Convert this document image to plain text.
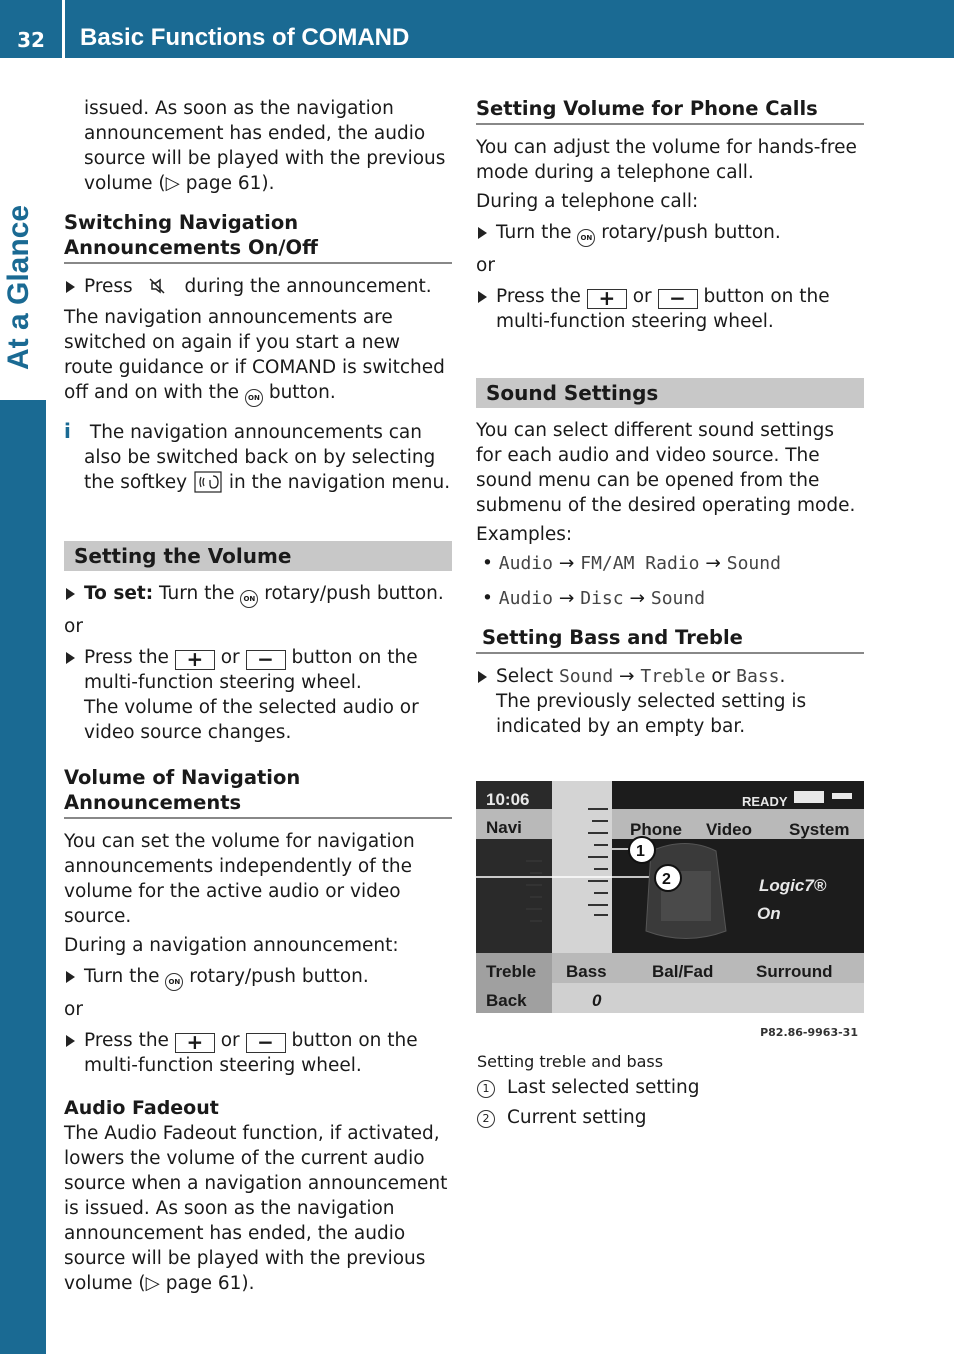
32	Basic Functions of COMAND
At a Glance

issued. As soon as the navigation announcement has ended, the audio source will be played with the previous volume (▷ page 61).

Switching Navigation Announcements On/Off

Press	during the announcement.

The navigation announcements are switched on again if you start a new route guidance or if COMAND is switched off and on with the ON button.

i The navigation announcements can also be switched back on by selecting the softkey in the navigation menu.

Setting the Volume

To set: Turn the ON rotary/push button.

or

Press the + or − button on the multi-function steering wheel.
The volume of the selected audio or video source changes.

Volume of Navigation Announcements

You can set the volume for navigation announcements independently of the volume for the active audio or video source.

During a navigation announcement:

Turn the ON rotary/push button.

or

Press the + or − button on the multi-function steering wheel.

Audio Fadeout

The Audio Fadeout function, if activated, lowers the volume of the current audio source when a navigation announcement is issued. As soon as the navigation announcement has ended, the audio source will be played with the previous volume (▷ page 61).

Setting Volume for Phone Calls

You can adjust the volume for hands-free mode during a telephone call.

During a telephone call:

Turn the ON rotary/push button.

or

Press the + or − button on the multi-function steering wheel.

Sound Settings

You can select different sound settings for each audio and video source. The sound menu can be opened from the submenu of the desired operating mode.

Examples:

• Audio → FM/AM Radio → Sound

• Audio → Disc → Sound

Setting Bass and Treble

Select Sound → Treble or Bass.
The previously selected setting is indicated by an empty bar.

10:06	READY
Navi	Phone Video System
1
2	Logic7®
On
Treble Bass	Bal/Fad	Surround
Back	0
P82.86-9963-31
Setting treble and bass
1 Last selected setting
2 Current setting
